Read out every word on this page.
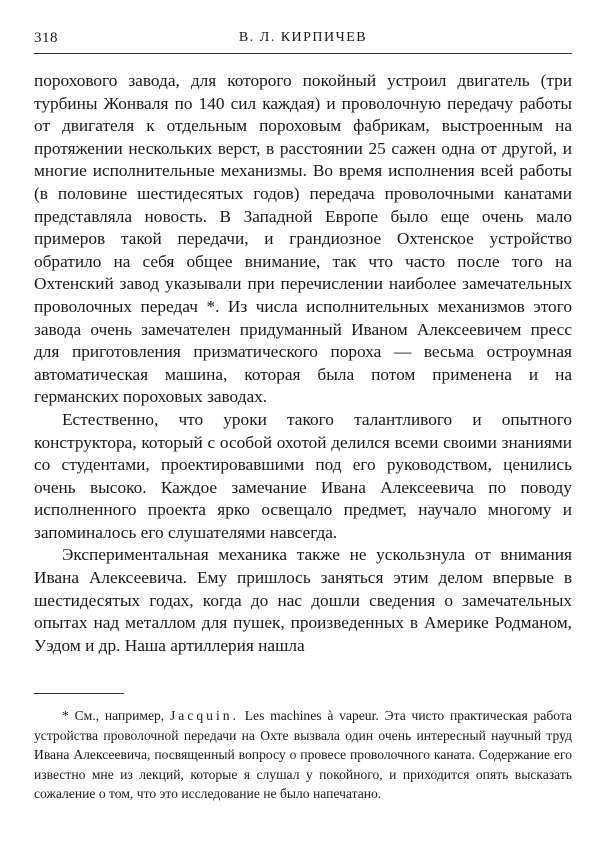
318	В. Л. КИРПИЧЕВ

порохового завода, для которого покойный устроил двигатель (три турбины Жонваля по 140 сил каждая) и проволочную передачу работы от двигателя к отдельным пороховым фабрикам, выстроенным на протяжении нескольких верст, в расстоянии 25 сажен одна от другой, и многие исполнительные механизмы. Во время исполнения всей работы (в половине шестидесятых годов) передача проволочными канатами представляла новость. В Западной Европе было еще очень мало примеров такой передачи, и грандиозное Охтенское устройство обратило на себя общее внимание, так что часто после того на Охтенский завод указывали при перечислении наиболее замечательных проволочных передач *. Из числа исполнительных механизмов этого завода очень замечателен придуманный Иваном Алексеевичем пресс для приготовления призматического пороха — весьма остроумная автоматическая машина, которая была потом применена и на германских пороховых заводах.

Естественно, что уроки такого талантливого и опытного конструктора, который с особой охотой делился всеми своими знаниями со студентами, проектировавшими под его руководством, ценились очень высоко. Каждое замечание Ивана Алексеевича по поводу исполненного проекта ярко освещало предмет, научало многому и запоминалось его слушателями навсегда.

Экспериментальная механика также не ускользнула от внимания Ивана Алексеевича. Ему пришлось заняться этим делом впервые в шестидесятых годах, когда до нас дошли сведения о замечательных опытах над металлом для пушек, произведенных в Америке Родманом, Уэдом и др. Наша артиллерия нашла

* См., например, Jacquin. Les machines à vapeur. Эта чисто практическая работа устройства проволочной передачи на Охте вызвала один очень интересный научный труд Ивана Алексеевича, посвященный вопросу о провесе проволочного каната. Содержание его известно мне из лекций, которые я слушал у покойного, и приходится опять высказать сожаление о том, что это исследование не было напечатано.
